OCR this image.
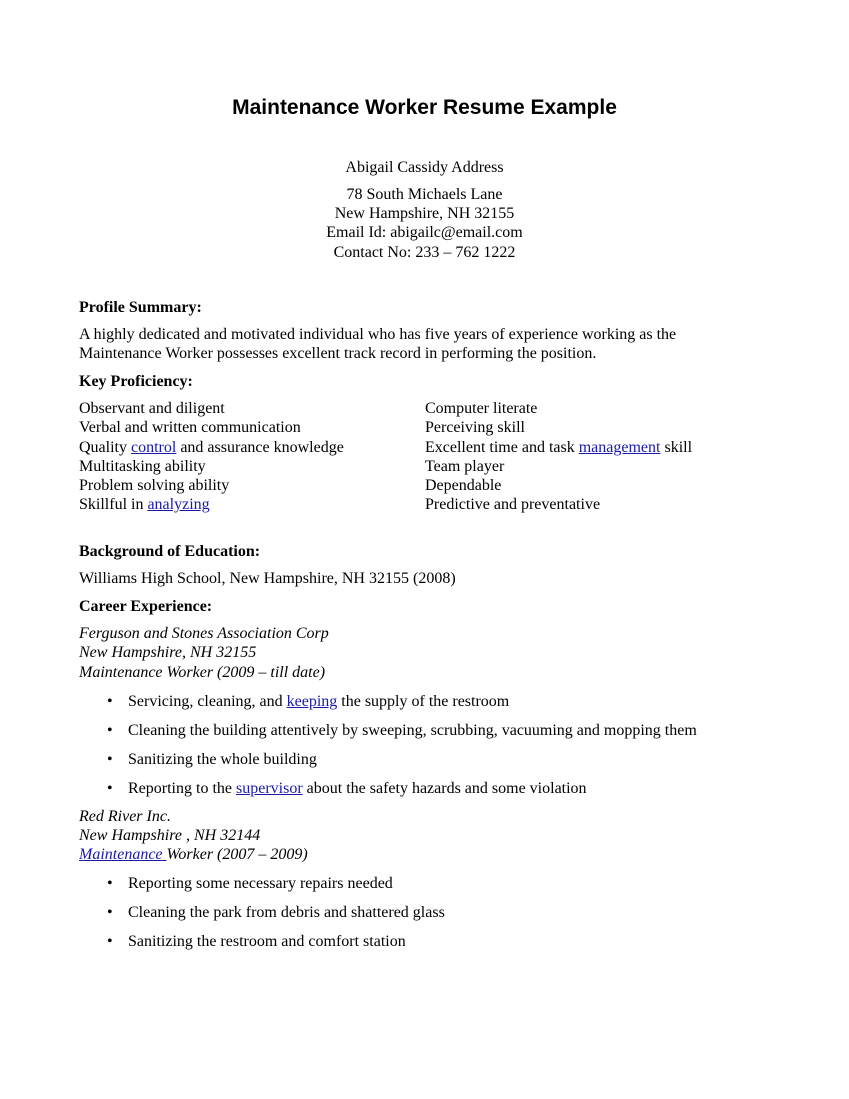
Maintenance Worker Resume Example
Abigail Cassidy Address
78 South Michaels Lane
New Hampshire, NH 32155
Email Id: abigailc@email.com
Contact No: 233 – 762 1222
Profile Summary:
A highly dedicated and motivated individual who has five years of experience working as the
Maintenance Worker possesses excellent track record in performing the position.
Key Proficiency:
Observant and diligent
Verbal and written communication
Quality control and assurance knowledge
Multitasking ability
Problem solving ability
Skillful in analyzing
Computer literate
Perceiving skill
Excellent time and task management skill
Team player
Dependable
Predictive and preventative
Background of Education:
Williams High School, New Hampshire, NH 32155 (2008)
Career Experience:
Ferguson and Stones Association Corp
New Hampshire, NH 32155
Maintenance Worker (2009 – till date)
• Servicing, cleaning, and keeping the supply of the restroom
• Cleaning the building attentively by sweeping, scrubbing, vacuuming and mopping them
• Sanitizing the whole building
• Reporting to the supervisor about the safety hazards and some violation
Red River Inc.
New Hampshire , NH 32144
Maintenance Worker (2007 – 2009)
• Reporting some necessary repairs needed
• Cleaning the park from debris and shattered glass
• Sanitizing the restroom and comfort station
